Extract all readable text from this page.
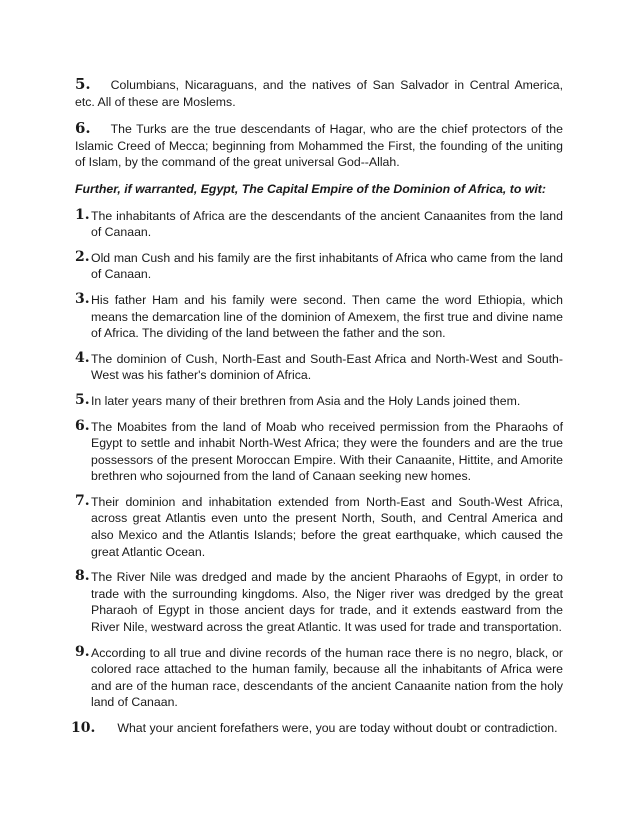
5. Columbians, Nicaraguans, and the natives of San Salvador in Central America, etc. All of these are Moslems.

6. The Turks are the true descendants of Hagar, who are the chief protectors of the Islamic Creed of Mecca; beginning from Mohammed the First, the founding of the uniting of Islam, by the command of the great universal God--Allah.

Further, if warranted, Egypt, The Capital Empire of the Dominion of Africa, to wit:

1. The inhabitants of Africa are the descendants of the ancient Canaanites from the land of Canaan.
2. Old man Cush and his family are the first inhabitants of Africa who came from the land of Canaan.
3. His father Ham and his family were second. Then came the word Ethiopia, which means the demarcation line of the dominion of Amexem, the first true and divine name of Africa. The dividing of the land between the father and the son.
4. The dominion of Cush, North-East and South-East Africa and North-West and South-West was his father's dominion of Africa.
5. In later years many of their brethren from Asia and the Holy Lands joined them.
6. The Moabites from the land of Moab who received permission from the Pharaohs of Egypt to settle and inhabit North-West Africa; they were the founders and are the true possessors of the present Moroccan Empire. With their Canaanite, Hittite, and Amorite brethren who sojourned from the land of Canaan seeking new homes.
7. Their dominion and inhabitation extended from North-East and South-West Africa, across great Atlantis even unto the present North, South, and Central America and also Mexico and the Atlantis Islands; before the great earthquake, which caused the great Atlantic Ocean.
8. The River Nile was dredged and made by the ancient Pharaohs of Egypt, in order to trade with the surrounding kingdoms. Also, the Niger river was dredged by the great Pharaoh of Egypt in those ancient days for trade, and it extends eastward from the River Nile, westward across the great Atlantic. It was used for trade and transportation.
9. According to all true and divine records of the human race there is no negro, black, or colored race attached to the human family, because all the inhabitants of Africa were and are of the human race, descendants of the ancient Canaanite nation from the holy land of Canaan.
10. What your ancient forefathers were, you are today without doubt or contradiction.
